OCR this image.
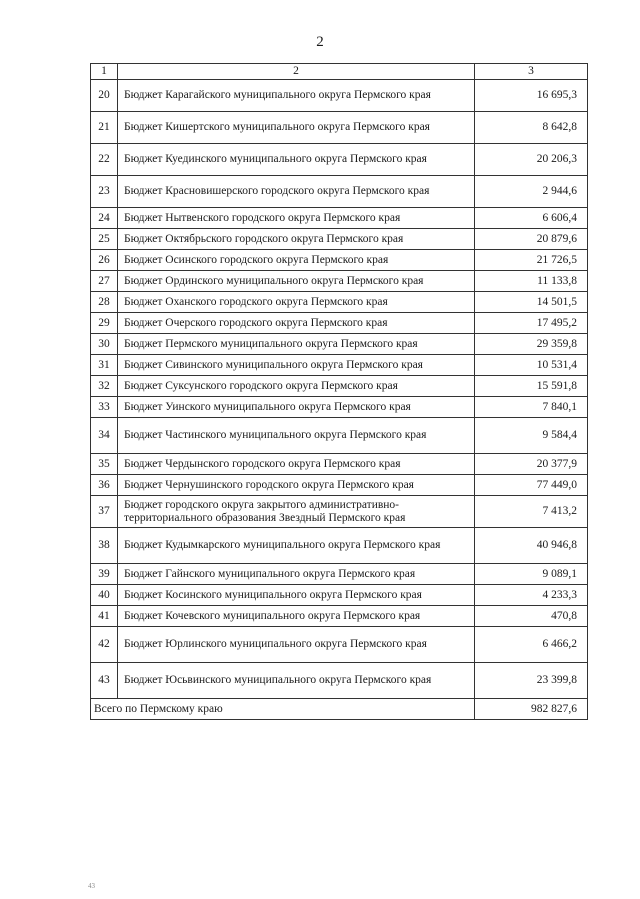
2
1	2	3
20	Бюджет Карагайского муниципального округа Пермского края	16 695,3
21	Бюджет Кишертского муниципального округа Пермского края	8 642,8
22	Бюджет Куединского муниципального округа Пермского края	20 206,3
23	Бюджет Красновишерского городского округа Пермского края	2 944,6
24	Бюджет Нытвенского городского округа Пермского края	6 606,4
25	Бюджет Октябрьского городского округа Пермского края	20 879,6
26	Бюджет Осинского городского округа Пермского края	21 726,5
27	Бюджет Ординского муниципального округа Пермского края	11 133,8
28	Бюджет Оханского городского округа Пермского края	14 501,5
29	Бюджет Очерского городского округа Пермского края	17 495,2
30	Бюджет Пермского муниципального округа Пермского края	29 359,8
31	Бюджет Сивинского муниципального округа Пермского края	10 531,4
32	Бюджет Суксунского городского округа Пермского края	15 591,8
33	Бюджет Уинского муниципального округа Пермского края	7 840,1
34	Бюджет Частинского муниципального округа Пермского края	9 584,4
35	Бюджет Чердынского городского округа Пермского края	20 377,9
36	Бюджет Чернушинского городского округа Пермского края	77 449,0
37	Бюджет городского округа закрытого административно-территориального образования Звездный Пермского края	7 413,2
38	Бюджет Кудымкарского муниципального округа Пермского края	40 946,8
39	Бюджет Гайнского муниципального округа Пермского края	9 089,1
40	Бюджет Косинского муниципального округа Пермского края	4 233,3
41	Бюджет Кочевского муниципального округа Пермского края	470,8
42	Бюджет Юрлинского муниципального округа Пермского края	6 466,2
43	Бюджет Юсьвинского муниципального округа Пермского края	23 399,8
Всего по Пермскому краю		982 827,6
43
